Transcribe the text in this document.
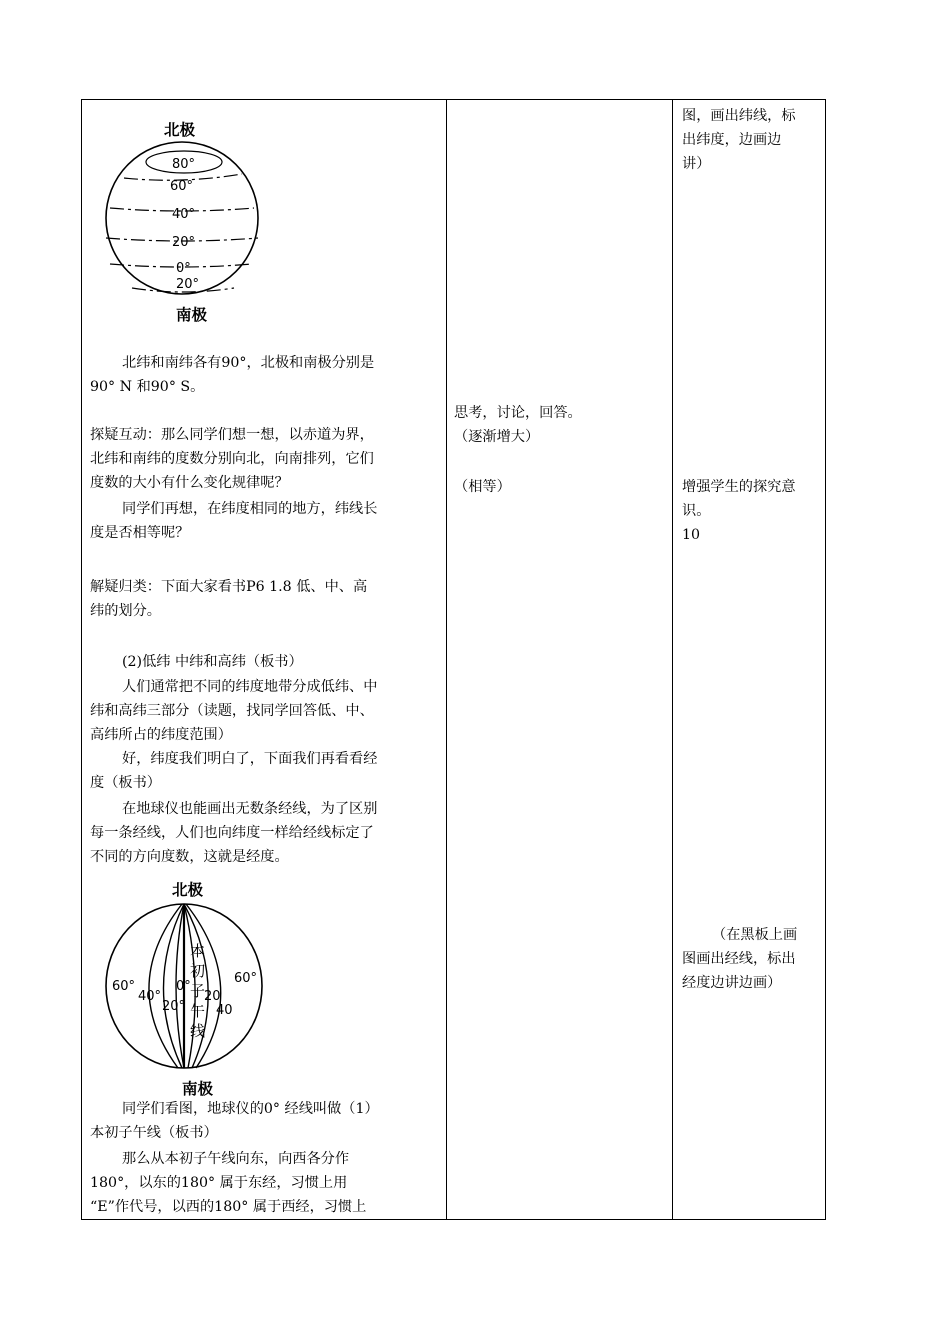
北极
80°
60°
40°
20°
0°
20°
南极
北纬和南纬各有90°，北极和南极分别是
90° N 和90° S。
探疑互动：那么同学们想一想，以赤道为界，
北纬和南纬的度数分别向北，向南排列，它们
度数的大小有什么变化规律呢？
同学们再想，在纬度相同的地方，纬线长
度是否相等呢？
解疑归类：下面大家看书P6 1.8 低、中、高
纬的划分。
(2)低纬 中纬和高纬（板书）
人们通常把不同的纬度地带分成低纬、中
纬和高纬三部分（读题，找同学回答低、中、
高纬所占的纬度范围）
好，纬度我们明白了，下面我们再看看经
度（板书）
在地球仪也能画出无数条经线，为了区别
每一条经线，人们也向纬度一样给经线标定了
不同的方向度数，这就是经度。
北极
本
初
子
午
线
60°
40°
20°
0°
20
40
60°
南极
同学们看图，地球仪的0° 经线叫做（1）
本初子午线（板书）
那么从本初子午线向东，向西各分作
180°，以东的180° 属于东经，习惯上用
“E”作代号，以西的180° 属于西经，习惯上
思考，讨论，回答。
（逐渐增大）
（相等）
图，画出纬线，标
出纬度，边画边
讲）
增强学生的探究意
识。
10
（在黑板上画
图画出经线，标出
经度边讲边画）
